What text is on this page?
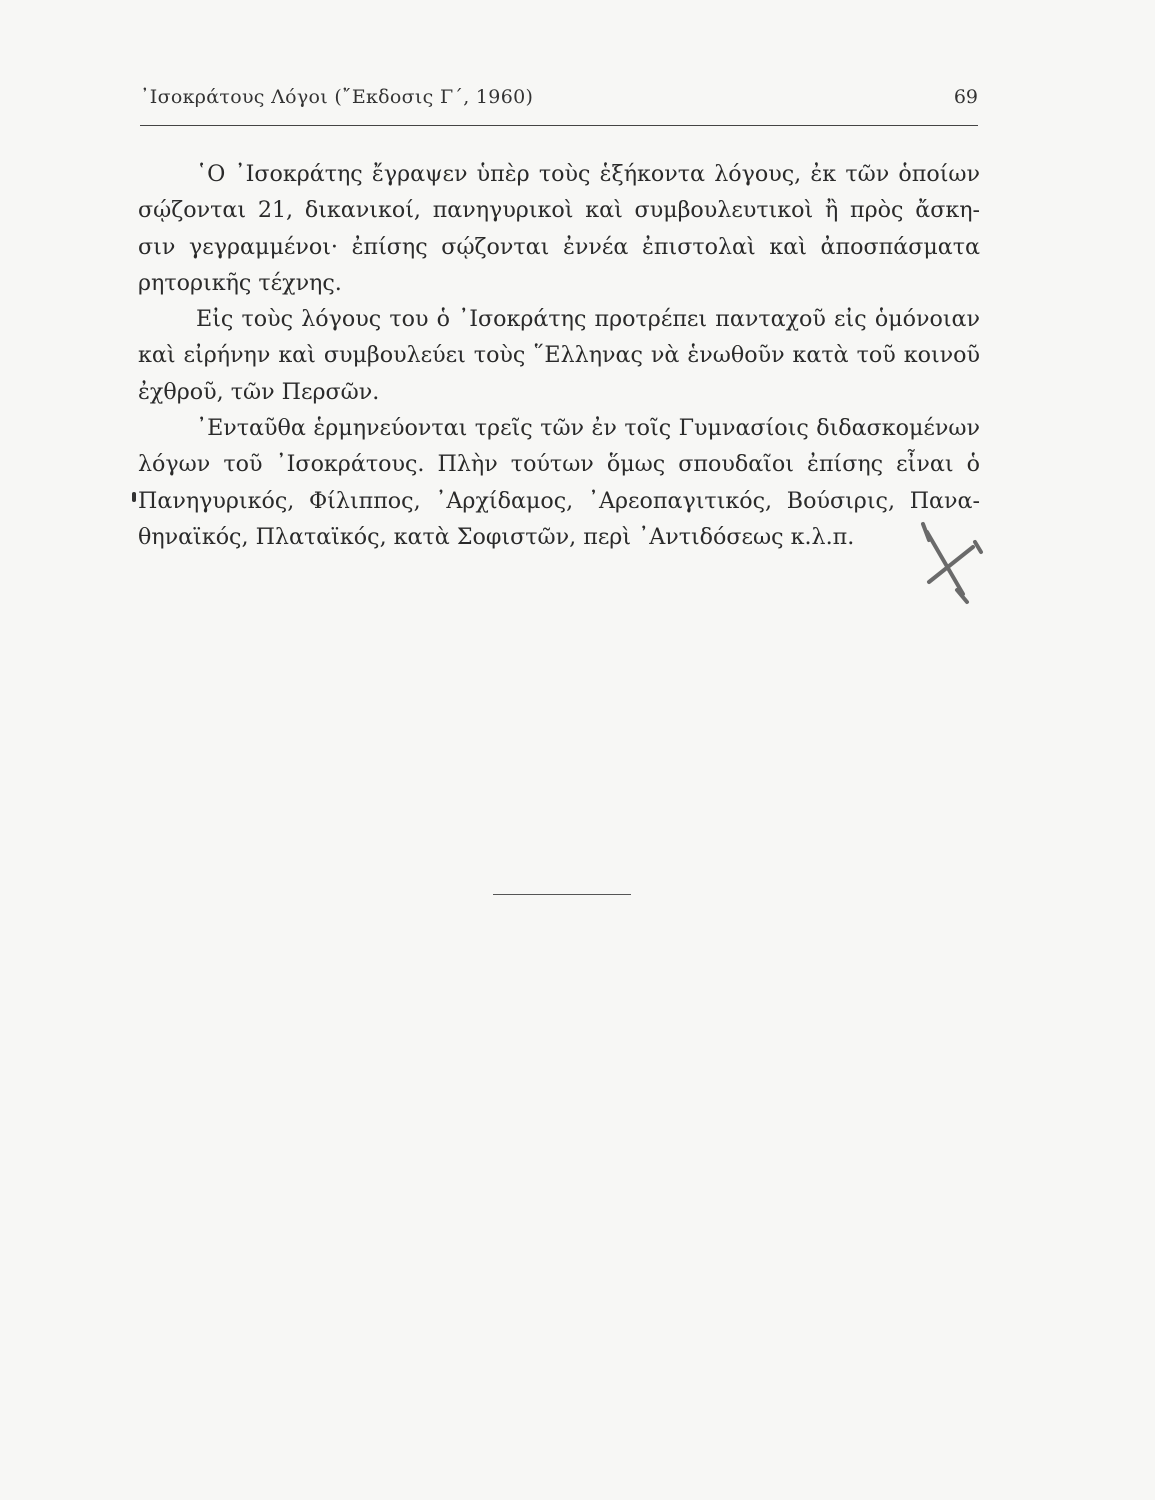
᾿Ισοκράτους Λόγοι (῎Εκδοσις Γ΄, 1960)	69
῾Ο ᾿Ισοκράτης ἔγραψεν ὑπὲρ τοὺς ἑξήκοντα λόγους, ἐκ τῶν ὁποίων
σῴζονται 21, δικανικοί, πανηγυρικοὶ καὶ συμβουλευτικοὶ ἢ πρὸς ἄσκη-
σιν γεγραμμένοι· ἐπίσης σῴζονται ἐννέα ἐπιστολαὶ καὶ ἀποσπάσματα
ρητορικῆς τέχνης.
Εἰς τοὺς λόγους του ὁ ᾿Ισοκράτης προτρέπει πανταχοῦ εἰς ὁμόνοιαν
καὶ εἰρήνην καὶ συμβουλεύει τοὺς ῞Ελληνας νὰ ἑνωθοῦν κατὰ τοῦ κοινοῦ
ἐχθροῦ, τῶν Περσῶν.
᾿Ενταῦθα ἑρμηνεύονται τρεῖς τῶν ἐν τοῖς Γυμνασίοις διδασκομένων
λόγων τοῦ ᾿Ισοκράτους. Πλὴν τούτων ὅμως σπουδαῖοι ἐπίσης εἶναι ὁ
Πανηγυρικός, Φίλιππος, ᾿Αρχίδαμος, ᾿Αρεοπαγιτικός, Βούσιρις, Πανα-
θηναϊκός, Πλαταϊκός, κατὰ Σοφιστῶν, περὶ ᾿Αντιδόσεως κ.λ.π.
